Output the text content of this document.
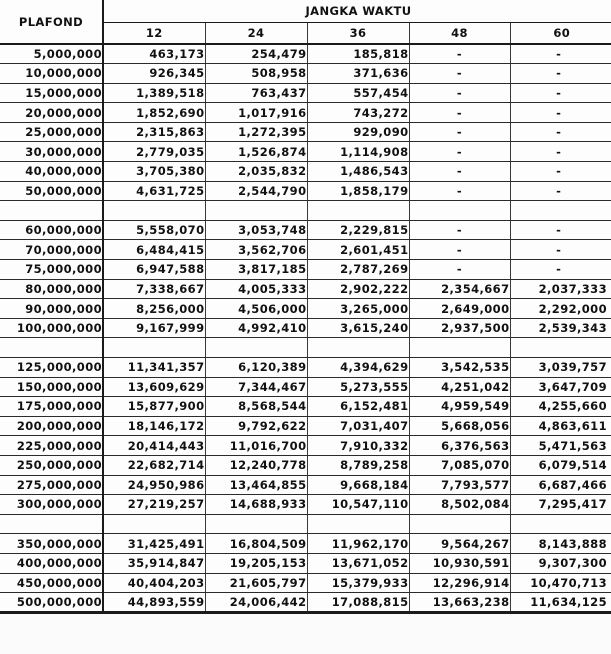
PLAFOND	JANGKA WAKTU				
	12	24	36	48	60
5,000,000	463,173	254,479	185,818	-	-
10,000,000	926,345	508,958	371,636	-	-
15,000,000	1,389,518	763,437	557,454	-	-
20,000,000	1,852,690	1,017,916	743,272	-	-
25,000,000	2,315,863	1,272,395	929,090	-	-
30,000,000	2,779,035	1,526,874	1,114,908	-	-
40,000,000	3,705,380	2,035,832	1,486,543	-	-
50,000,000	4,631,725	2,544,790	1,858,179	-	-

60,000,000	5,558,070	3,053,748	2,229,815	-	-
70,000,000	6,484,415	3,562,706	2,601,451	-	-
75,000,000	6,947,588	3,817,185	2,787,269	-	-
80,000,000	7,338,667	4,005,333	2,902,222	2,354,667	2,037,333
90,000,000	8,256,000	4,506,000	3,265,000	2,649,000	2,292,000
100,000,000	9,167,999	4,992,410	3,615,240	2,937,500	2,539,343

125,000,000	11,341,357	6,120,389	4,394,629	3,542,535	3,039,757
150,000,000	13,609,629	7,344,467	5,273,555	4,251,042	3,647,709
175,000,000	15,877,900	8,568,544	6,152,481	4,959,549	4,255,660
200,000,000	18,146,172	9,792,622	7,031,407	5,668,056	4,863,611
225,000,000	20,414,443	11,016,700	7,910,332	6,376,563	5,471,563
250,000,000	22,682,714	12,240,778	8,789,258	7,085,070	6,079,514
275,000,000	24,950,986	13,464,855	9,668,184	7,793,577	6,687,466
300,000,000	27,219,257	14,688,933	10,547,110	8,502,084	7,295,417

350,000,000	31,425,491	16,804,509	11,962,170	9,564,267	8,143,888
400,000,000	35,914,847	19,205,153	13,671,052	10,930,591	9,307,300
450,000,000	40,404,203	21,605,797	15,379,933	12,296,914	10,470,713
500,000,000	44,893,559	24,006,442	17,088,815	13,663,238	11,634,125
